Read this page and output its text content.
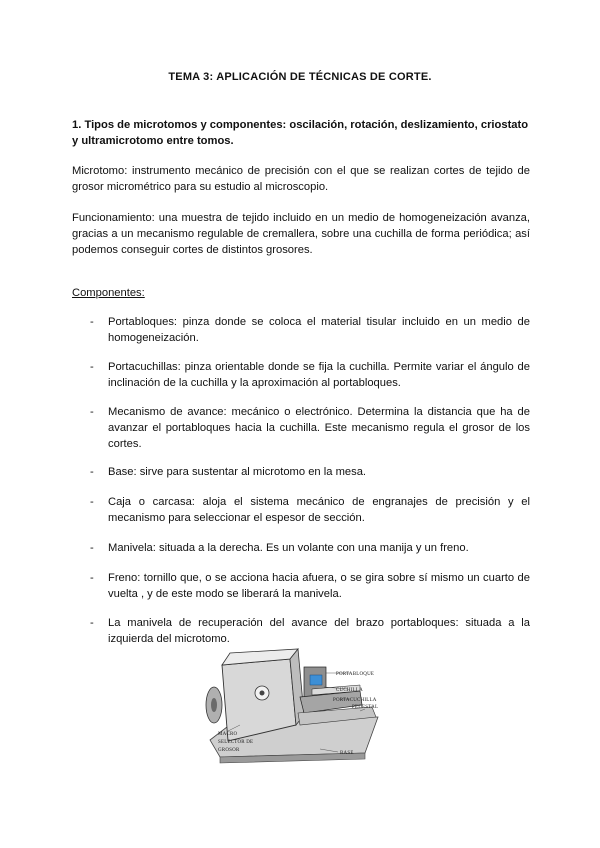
TEMA 3: APLICACIÓN DE TÉCNICAS DE CORTE.
1. Tipos de microtomos y componentes: oscilación, rotación, deslizamiento, criostato y ultramicrotomo entre tomos.
Microtomo: instrumento mecánico de precisión con el que se realizan cortes de tejido de grosor micrométrico para su estudio al microscopio.
Funcionamiento: una muestra de tejido incluido en un medio de homogeneización avanza, gracias a un mecanismo regulable de cremallera, sobre una cuchilla de forma periódica; así podemos conseguir cortes de distintos grosores.
Componentes:
-	Portabloques: pinza donde se coloca el material tisular incluido en un medio de homogeneización.
-	Portacuchillas: pinza orientable donde se fija la cuchilla. Permite variar el ángulo de inclinación de la cuchilla y la aproximación al portabloques.
-	Mecanismo de avance: mecánico o electrónico. Determina la distancia que ha de avanzar el portabloques hacia la cuchilla. Este mecanismo regula el grosor de los cortes.
-	Base: sirve para sustentar al microtomo en la mesa.
-	Caja o carcasa: aloja el sistema mecánico de engranajes de precisión y el mecanismo para seleccionar el espesor de sección.
-	Manivela: situada a la derecha. Es un volante con una manija y un freno.
-	Freno: tornillo que, o se acciona hacia afuera, o se gira sobre sí mismo un cuarto de vuelta , y de este modo se liberará la manivela.
-	La manivela de recuperación del avance del brazo portabloques: situada a la izquierda del microtomo.
PORTABLOQUE
CUCHILLA
PORTACUCHILLA
PEDESTAL
BASE
MACRO
SELECTOR DE
GROSOR
